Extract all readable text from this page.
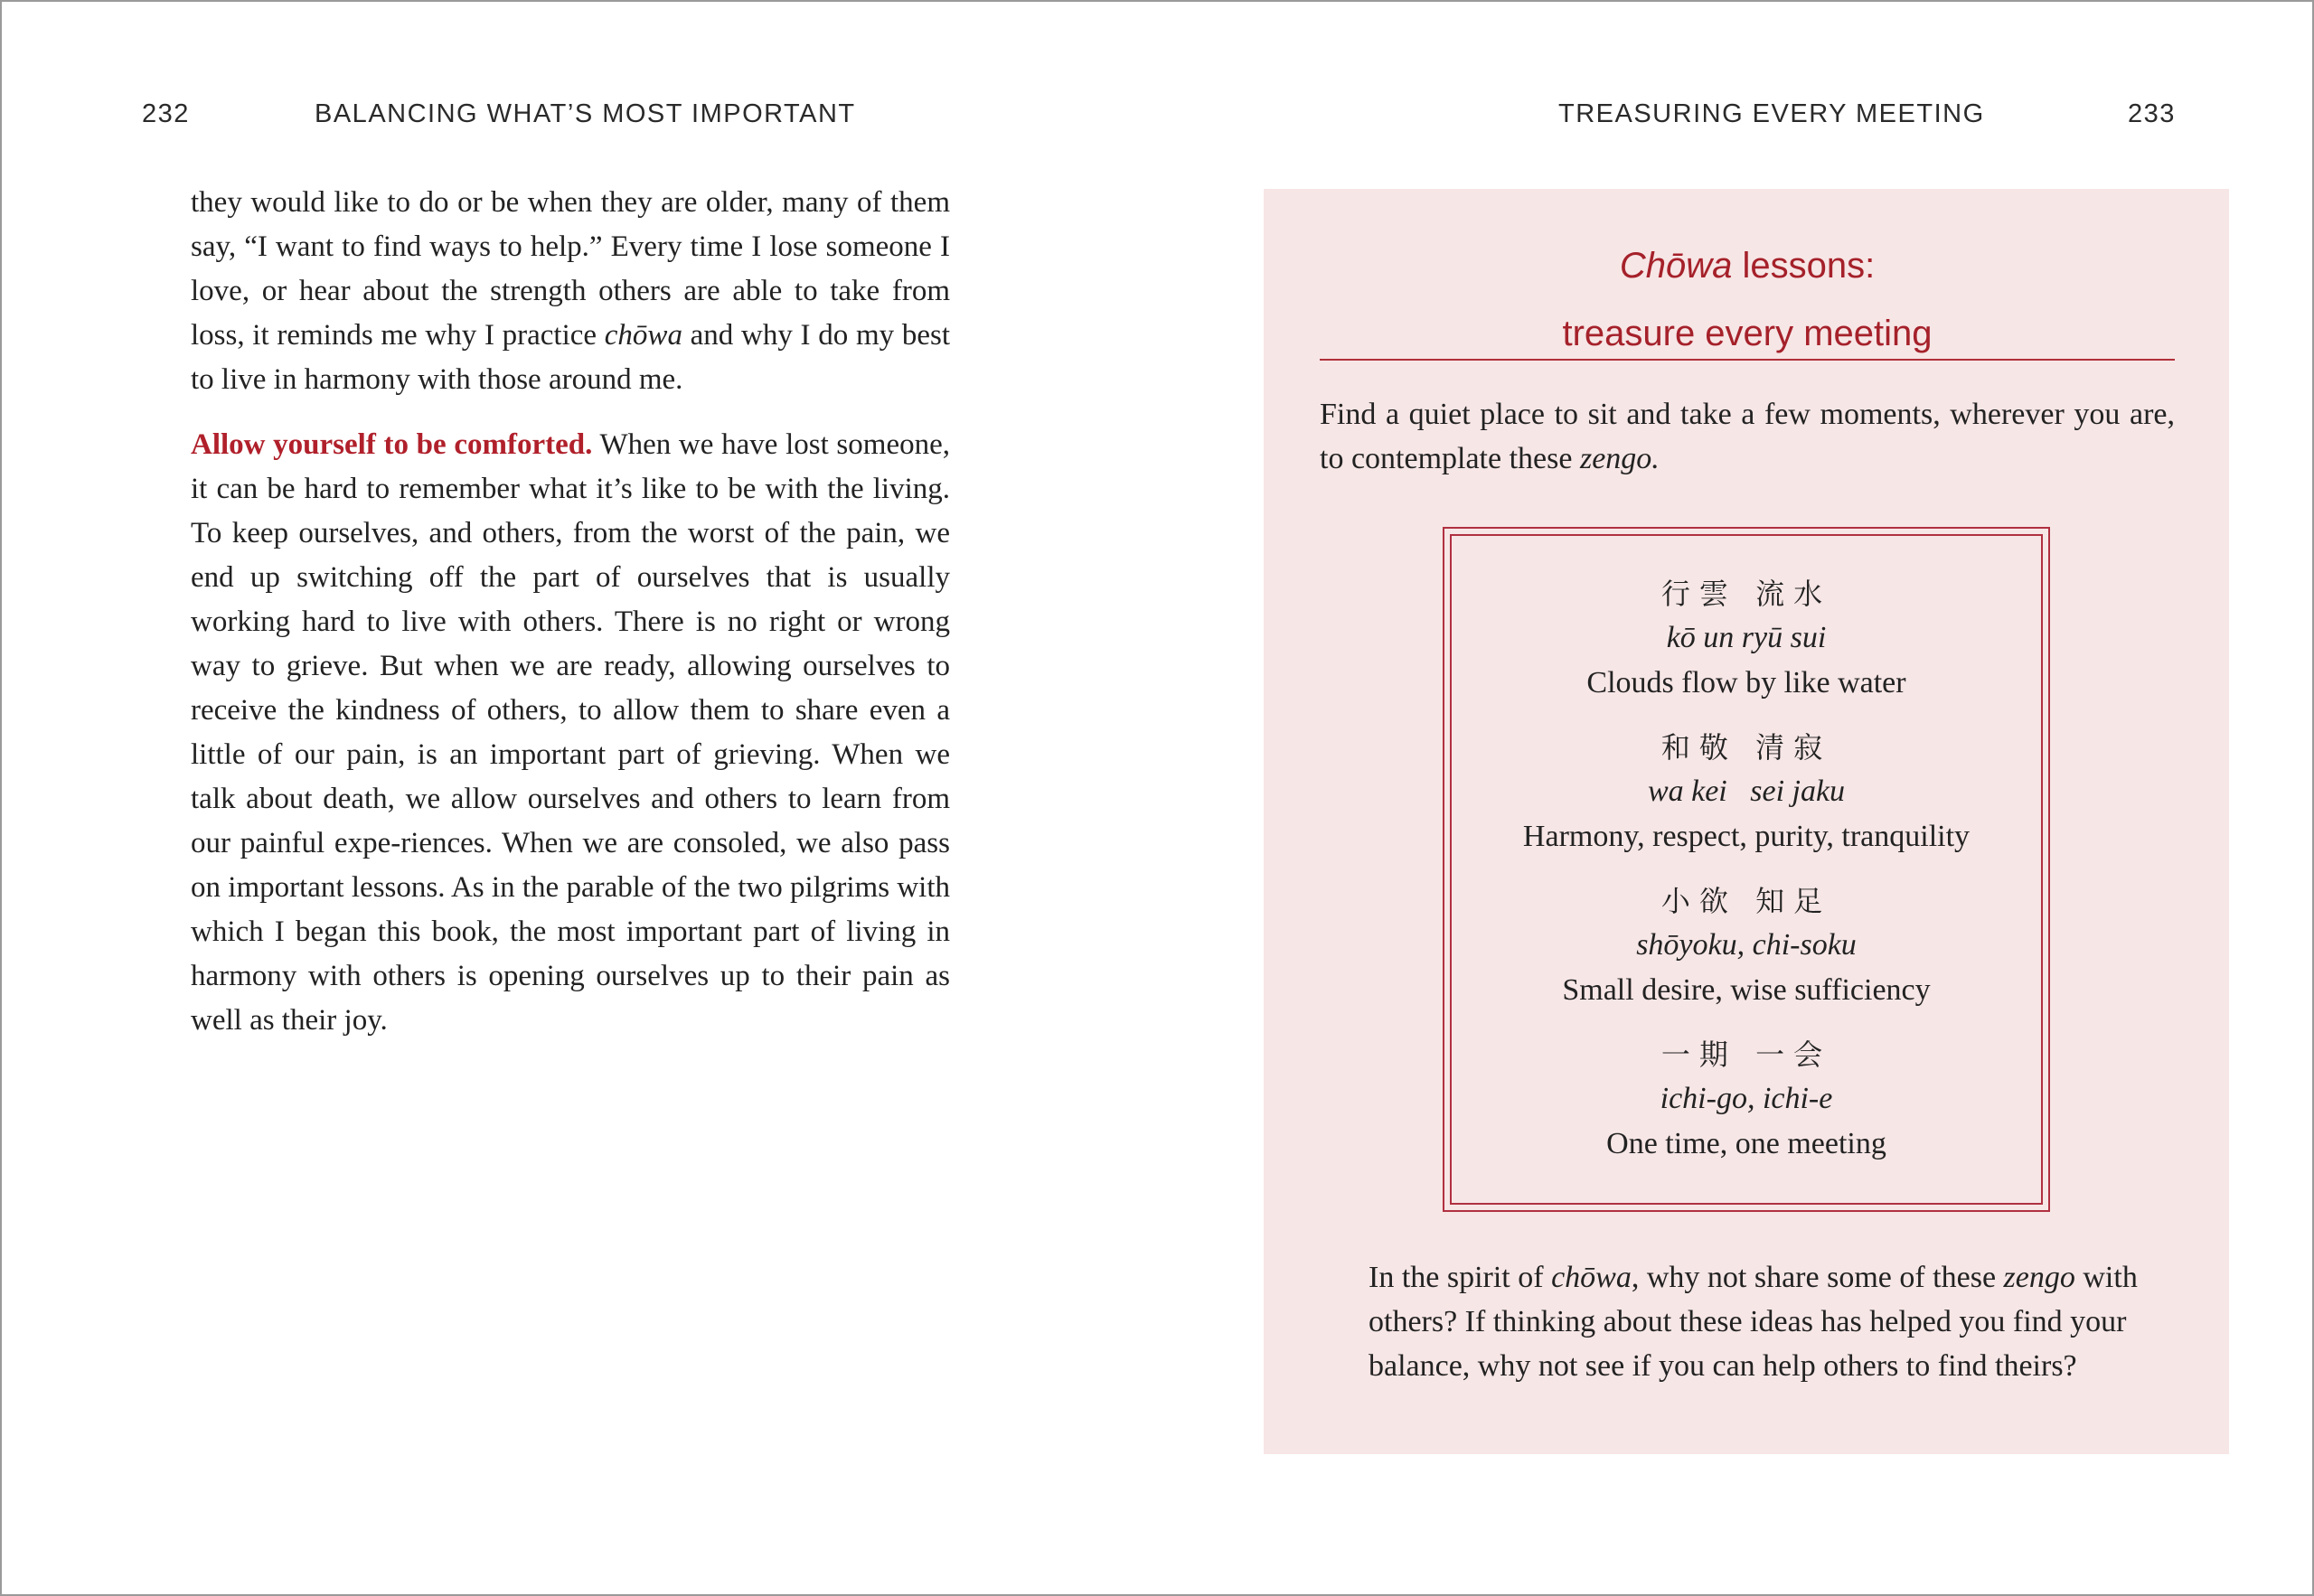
232	BALANCING WHAT’S MOST IMPORTANT

they would like to do or be when they are older, many of them say, “I want to find ways to help.” Every time I lose someone I love, or hear about the strength others are able to take from loss, it reminds me why I practice chōwa and why I do my best to live in harmony with those around me.

Allow yourself to be comforted. When we have lost someone, it can be hard to remember what it’s like to be with the living. To keep ourselves, and others, from the worst of the pain, we end up switching off the part of ourselves that is usually working hard to live with others. There is no right or wrong way to grieve. But when we are ready, allowing ourselves to receive the kindness of others, to allow them to share even a little of our pain, is an important part of grieving. When we talk about death, we allow ourselves and others to learn from our painful expe-riences. When we are consoled, we also pass on important lessons. As in the parable of the two pilgrims with which I began this book, the most important part of living in harmony with others is opening ourselves up to their pain as well as their joy.

TREASURING EVERY MEETING	233
Chōwa lessons:
treasure every meeting
Find a quiet place to sit and take a few moments, wherever you are, to contemplate these zengo.
行雲 流水
kō un ryū sui
Clouds flow by like water
和敬 清寂
wa kei   sei jaku
Harmony, respect, purity, tranquility
小欲 知足
shōyoku, chi-soku
Small desire, wise sufficiency
一期 一会
ichi-go, ichi-e
One time, one meeting
In the spirit of chōwa, why not share some of these zengo with others? If thinking about these ideas has helped you find your balance, why not see if you can help others to find theirs?
